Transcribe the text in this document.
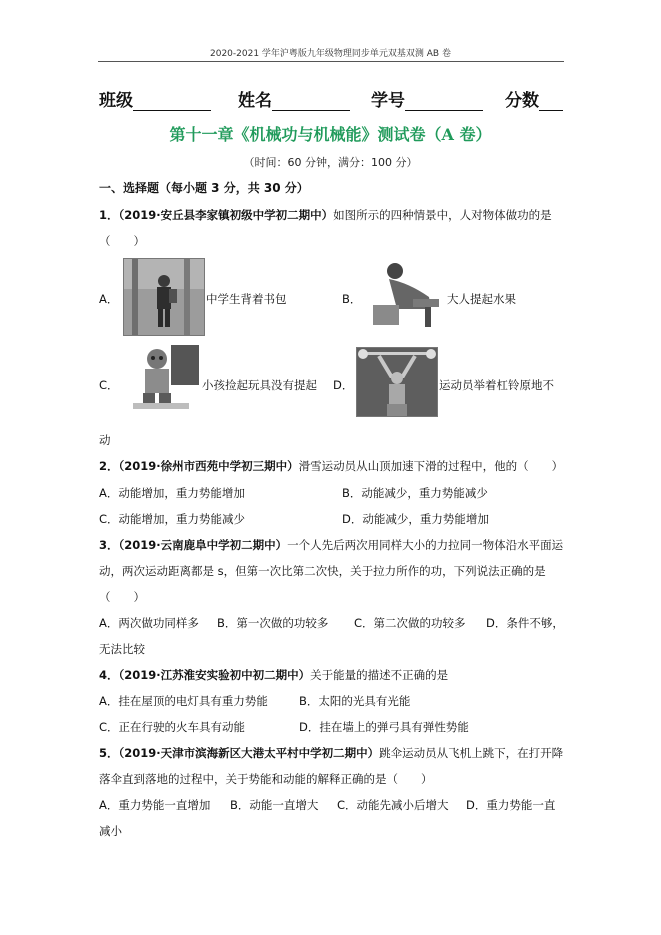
2020-2021 学年沪粤版九年级物理同步单元双基双测 AB 卷
班级	姓名	学号	分数
第十一章《机械功与机械能》测试卷（A 卷）
（时间：60 分钟，满分：100 分）
一、选择题（每小题 3 分，共 30 分）
1．（2019·安丘县李家镇初级中学初二期中）如图所示的四种情景中，人对物体做功的是
（　　）
A．	中学生背着书包	B．	大人提起水果
C．	小孩捡起玩具没有提起 D．	运动员举着杠铃原地不
动
2．（2019·徐州市西苑中学初三期中）滑雪运动员从山顶加速下滑的过程中，他的（　　）
A．动能增加，重力势能增加	B．动能减少，重力势能减少
C．动能增加，重力势能减少	D．动能减少，重力势能增加
3．（2019·云南鹿阜中学初二期中）一个人先后两次用同样大小的力拉同一物体沿水平面运
动，两次运动距离都是 s，但第一次比第二次快，关于拉力所作的功，下列说法正确的是
（　　）
A．两次做功同样多 B．第一次做的功较多 C．第二次做的功较多 D．条件不够，
无法比较
4．（2019·江苏淮安实验初中初二期中）关于能量的描述不正确的是
A．挂在屋顶的电灯具有重力势能	B．太阳的光具有光能
C．正在行驶的火车具有动能	D．挂在墙上的弹弓具有弹性势能
5．（2019·天津市滨海新区大港太平村中学初二期中）跳伞运动员从飞机上跳下，在打开降
落伞直到落地的过程中，关于势能和动能的解释正确的是（　　）
A．重力势能一直增加 B．动能一直增大 C．动能先减小后增大 D．重力势能一直
减小
